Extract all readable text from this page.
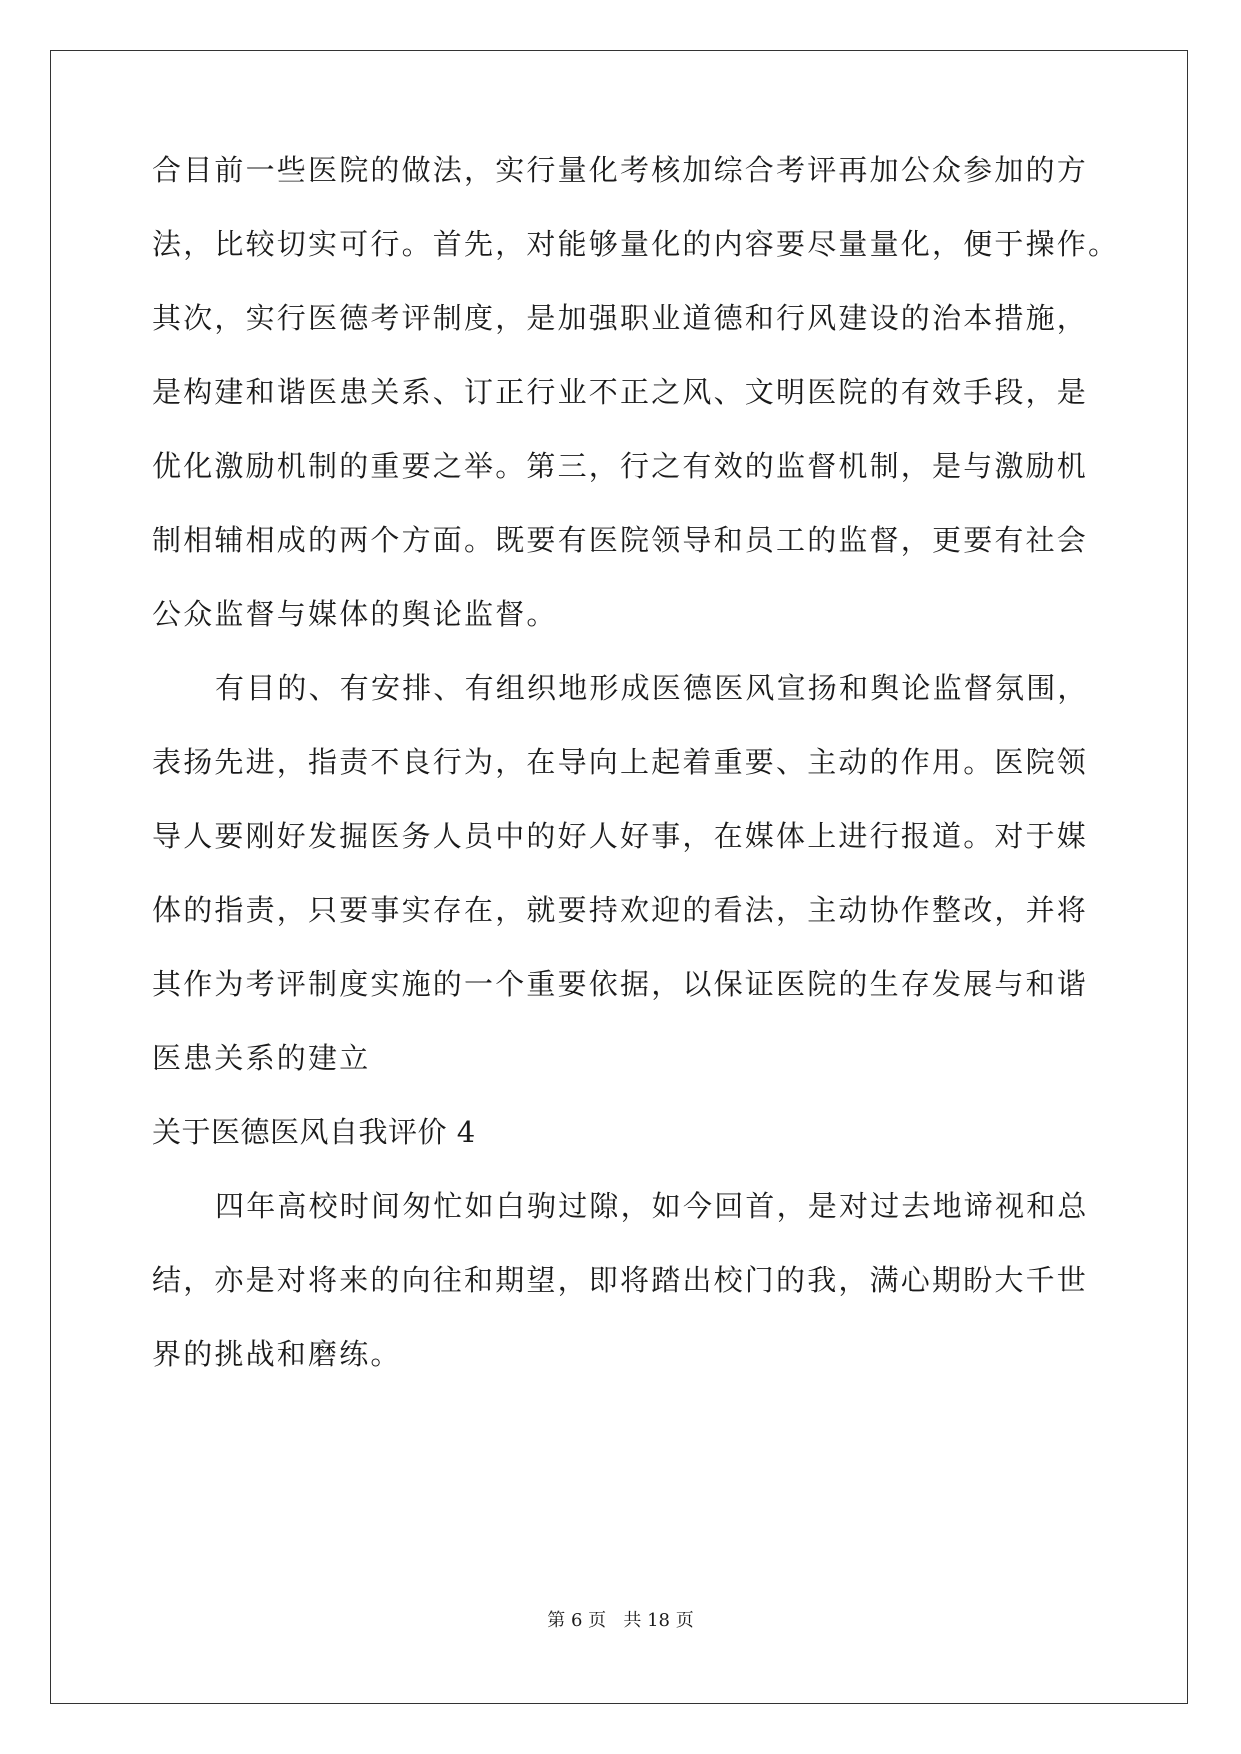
合目前一些医院的做法，实行量化考核加综合考评再加公众参加的方
法，比较切实可行。首先，对能够量化的内容要尽量量化，便于操作。
其次，实行医德考评制度，是加强职业道德和行风建设的治本措施，
是构建和谐医患关系、订正行业不正之风、文明医院的有效手段，是
优化激励机制的重要之举。第三，行之有效的监督机制，是与激励机
制相辅相成的两个方面。既要有医院领导和员工的监督，更要有社会
公众监督与媒体的舆论监督。
有目的、有安排、有组织地形成医德医风宣扬和舆论监督氛围，
表扬先进，指责不良行为，在导向上起着重要、主动的作用。医院领
导人要刚好发掘医务人员中的好人好事，在媒体上进行报道。对于媒
体的指责，只要事实存在，就要持欢迎的看法，主动协作整改，并将
其作为考评制度实施的一个重要依据，以保证医院的生存发展与和谐
医患关系的建立
关于医德医风自我评价 4
四年高校时间匆忙如白驹过隙，如今回首，是对过去地谛视和总
结，亦是对将来的向往和期望，即将踏出校门的我，满心期盼大千世
界的挑战和磨练。
第 6 页   共 18 页
